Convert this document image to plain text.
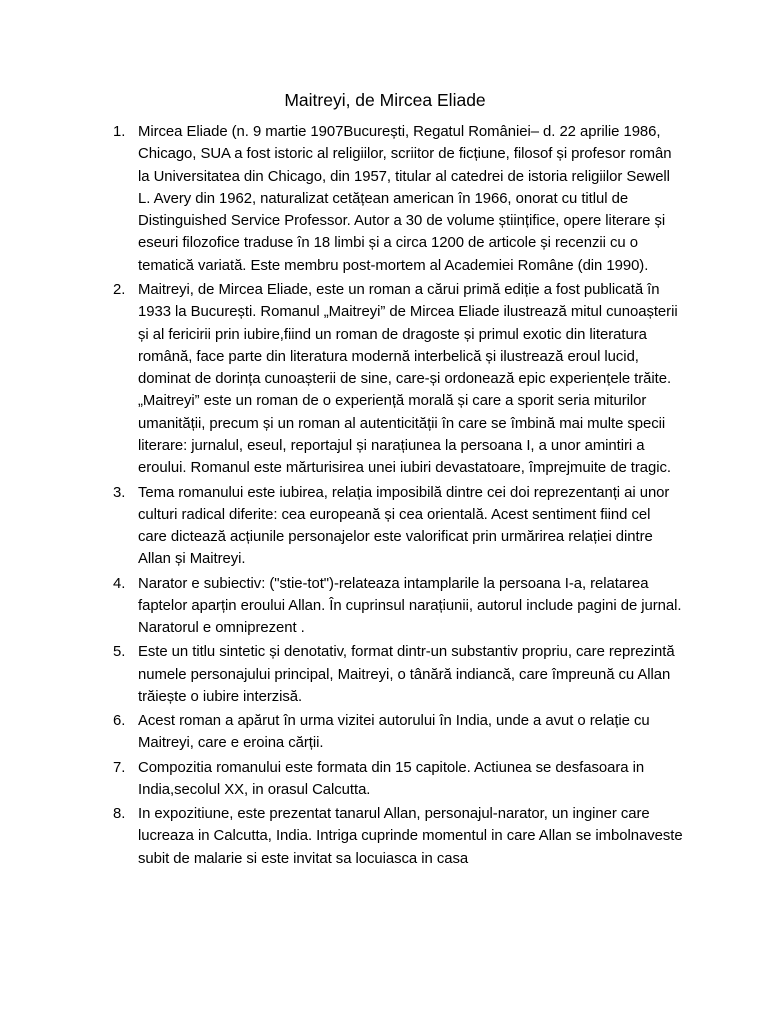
Maitreyi, de Mircea Eliade
1. Mircea Eliade (n. 9 martie 1907București, Regatul României– d. 22 aprilie 1986, Chicago, SUA a fost istoric al religiilor, scriitor de ficțiune, filosof și profesor român la Universitatea din Chicago, din 1957, titular al catedrei de istoria religiilor Sewell L. Avery din 1962, naturalizat cetățean american în 1966, onorat cu titlul de Distinguished Service Professor. Autor a 30 de volume științifice, opere literare și eseuri filozofice traduse în 18 limbi și a circa 1200 de articole și recenzii cu o tematică variată. Este membru post-mortem al Academiei Române (din 1990).
2. Maitreyi, de Mircea Eliade, este un roman a cărui primă ediție a fost publicată în 1933 la București. Romanul „Maitreyi” de Mircea Eliade ilustrează mitul cunoașterii și al fericirii prin iubire,fiind un roman de dragoste și primul exotic din literatura română, face parte din literatura modernă interbelică și ilustrează eroul lucid, dominat de dorința cunoașterii de sine, care-și ordonează epic experiențele trăite. „Maitreyi” este un roman de o experiență morală și care a sporit seria miturilor umanității, precum și un roman al autenticității în care se îmbină mai multe specii literare: jurnalul, eseul, reportajul și narațiunea la persoana I, a unor amintiri a eroului. Romanul este mărturisirea unei iubiri devastatoare, împrejmuite de tragic.
3. Tema romanului este iubirea, relația imposibilă dintre cei doi reprezentanți ai unor culturi radical diferite: cea europeană și cea orientală. Acest sentiment fiind cel care dictează acțiunile personajelor este valorificat prin urmărirea relației dintre Allan și Maitreyi.
4. Narator e subiectiv: ("stie-tot")-relateaza intamplarile la persoana I-a, relatarea faptelor aparțin eroului Allan. În cuprinsul narațiunii, autorul include pagini de jurnal. Naratorul e omniprezent .
5. Este un titlu sintetic și denotativ, format dintr-un substantiv propriu, care reprezintă numele personajului principal, Maitreyi, o tânără indiancă, care împreună cu Allan trăiește o iubire interzisă.
6. Acest roman a apărut în urma vizitei autorului în India, unde a avut o relație cu Maitreyi, care e eroina cărții.
7. Compozitia romanului este formata din 15 capitole. Actiunea se desfasoara in India,secolul XX, in orasul Calcutta.
8. In expozitiune, este prezentat tanarul Allan, personajul-narator, un inginer care lucreaza in Calcutta, India. Intriga cuprinde momentul in care Allan se imbolnaveste subit de malarie si este invitat sa locuiasca in casa
